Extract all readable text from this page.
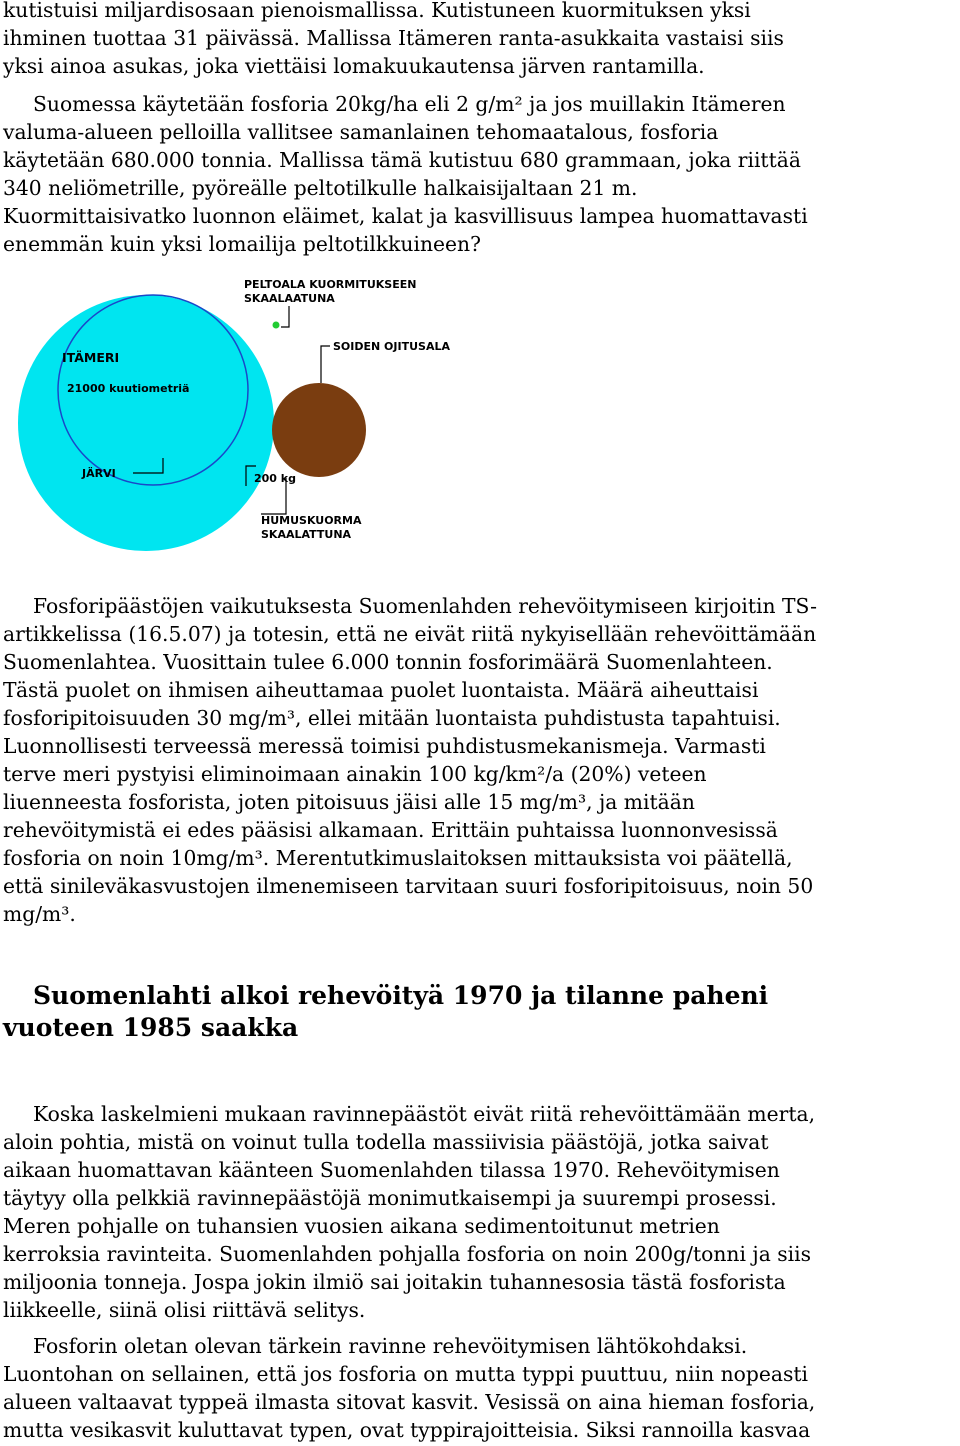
kutistuisi miljardisosaan pienoismallissa. Kutistuneen kuormituksen yksi
ihminen tuottaa 31 päivässä. Mallissa Itämeren ranta-asukkaita vastaisi siis
yksi ainoa asukas, joka viettäisi lomakuukautensa järven rantamilla.

Suomessa käytetään fosforia 20kg/ha eli 2 g/m² ja jos muillakin Itämeren
valuma-alueen pelloilla vallitsee samanlainen tehomaatalous, fosforia
käytetään 680.000 tonnia. Mallissa tämä kutistuu 680 grammaan, joka riittää
340 neliömetrille, pyöreälle peltotilkulle halkaisijaltaan 21 m.
Kuormittaisivatko luonnon eläimet, kalat ja kasvillisuus lampea huomattavasti
enemmän kuin yksi lomailija peltotilkkuineen?

PELTOALA KUORMITUKSEEN
SKAALAATUNA
ITÄMERI
21000 kuutiometriä
SOIDEN OJITUSALA
JÄRVI	200 kg
HUMUSKUORMA
SKAALATTUNA

Fosforipäästöjen vaikutuksesta Suomenlahden rehevöitymiseen kirjoitin TS-
artikkelissa (16.5.07) ja totesin, että ne eivät riitä nykyisellään rehevöittämään
Suomenlahtea. Vuosittain tulee 6.000 tonnin fosforimäärä Suomenlahteen.
Tästä puolet on ihmisen aiheuttamaa puolet luontaista. Määrä aiheuttaisi
fosforipitoisuuden 30 mg/m³, ellei mitään luontaista puhdistusta tapahtuisi.
Luonnollisesti terveessä meressä toimisi puhdistusmekanismeja. Varmasti
terve meri pystyisi eliminoimaan ainakin 100 kg/km²/a (20%) veteen
liuenneesta fosforista, joten pitoisuus jäisi alle 15 mg/m³, ja mitään
rehevöitymistä ei edes pääsisi alkamaan. Erittäin puhtaissa luonnonvesissä
fosforia on noin 10mg/m³. Merentutkimuslaitoksen mittauksista voi päätellä,
että sinileväkasvustojen ilmenemiseen tarvitaan suuri fosforipitoisuus, noin 50
mg/m³.

Suomenlahti alkoi rehevöityä 1970 ja tilanne paheni
vuoteen 1985 saakka

Koska laskelmieni mukaan ravinnepäästöt eivät riitä rehevöittämään merta,
aloin pohtia, mistä on voinut tulla todella massiivisia päästöjä, jotka saivat
aikaan huomattavan käänteen Suomenlahden tilassa 1970. Rehevöitymisen
täytyy olla pelkkiä ravinnepäästöjä monimutkaisempi ja suurempi prosessi.
Meren pohjalle on tuhansien vuosien aikana sedimentoitunut metrien
kerroksia ravinteita. Suomenlahden pohjalla fosforia on noin 200g/tonni ja siis
miljoonia tonneja. Jospa jokin ilmiö sai joitakin tuhannesosia tästä fosforista
liikkeelle, siinä olisi riittävä selitys.

Fosforin oletan olevan tärkein ravinne rehevöitymisen lähtökohdaksi.
Luontohan on sellainen, että jos fosforia on mutta typpi puuttuu, niin nopeasti
alueen valtaavat typpeä ilmasta sitovat kasvit. Vesissä on aina hieman fosforia,
mutta vesikasvit kuluttavat typen, ovat typpirajoitteisia. Siksi rannoilla kasvaa
